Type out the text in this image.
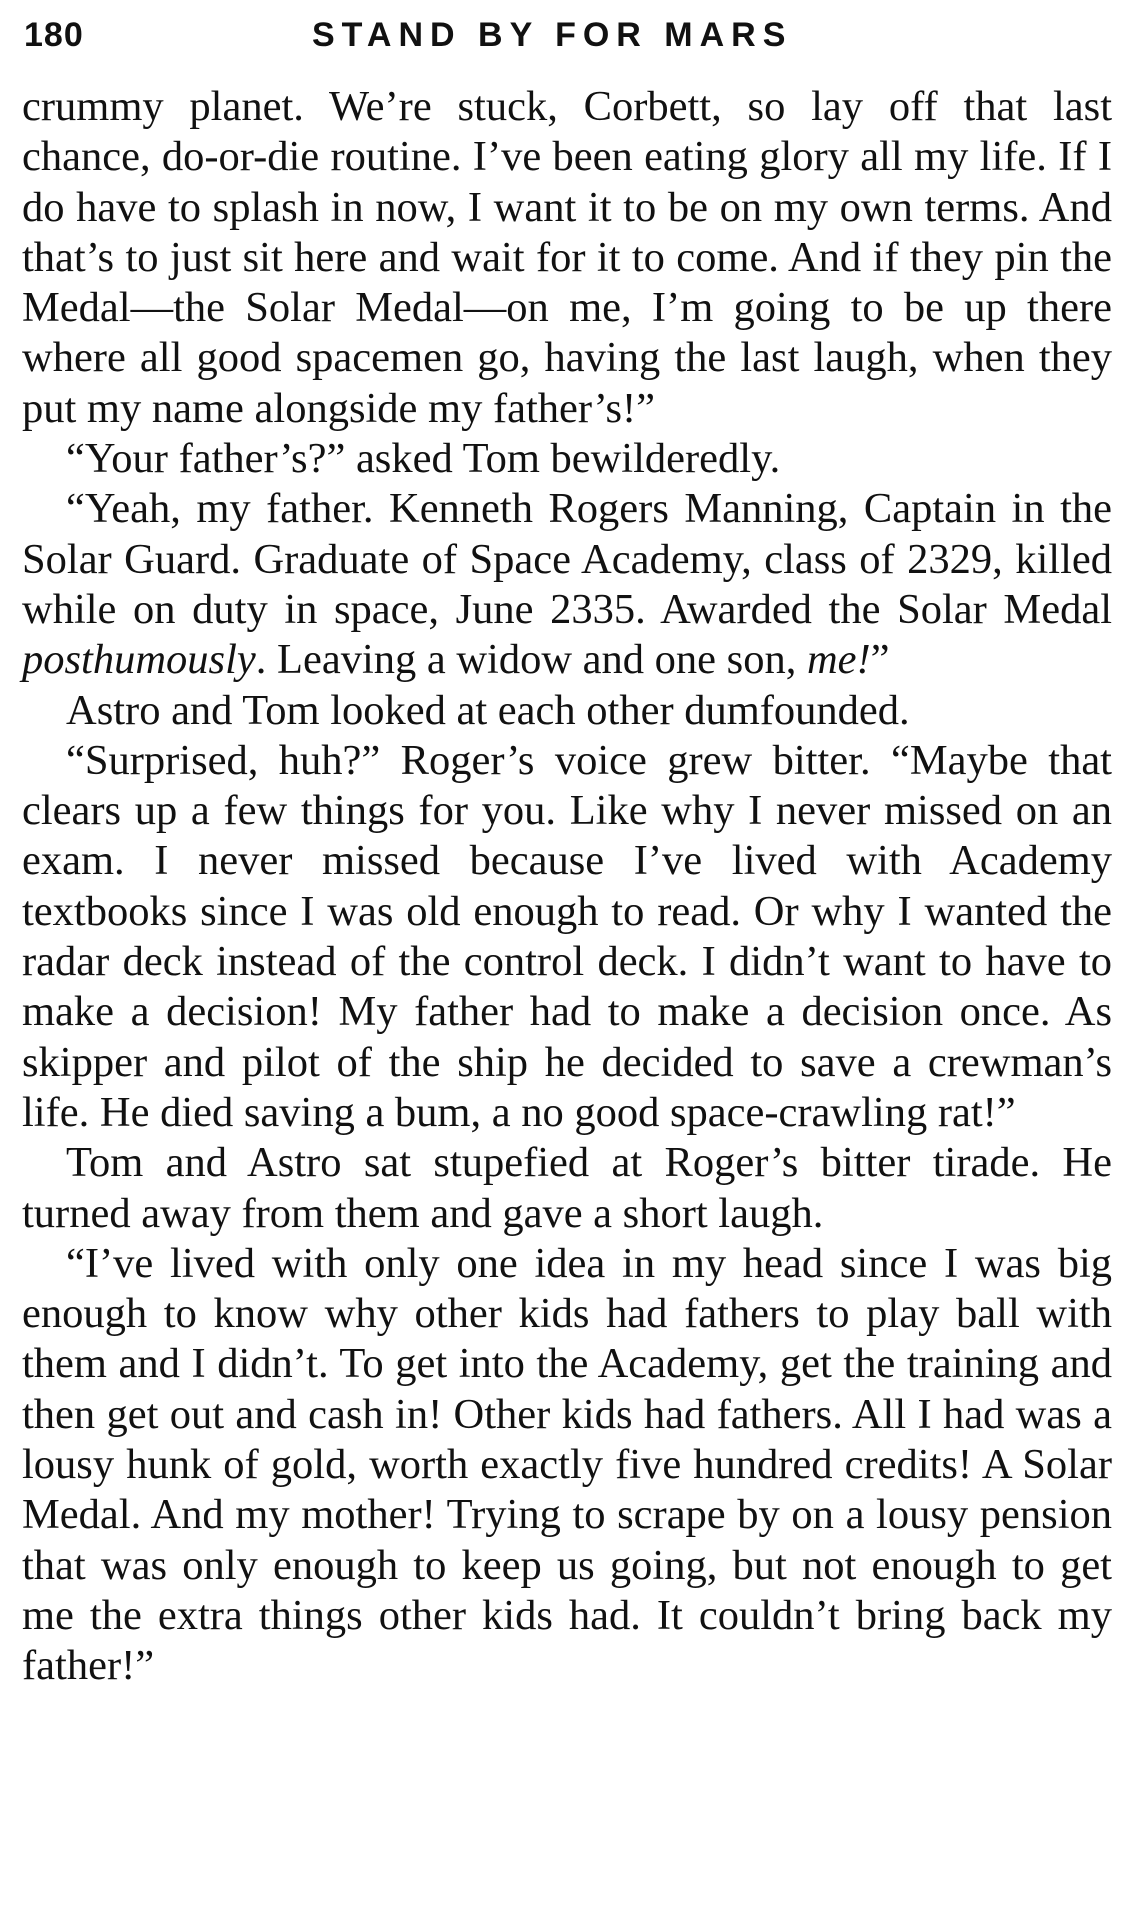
180	STAND BY FOR MARS

crummy planet. We’re stuck, Corbett, so lay off that last chance, do-or-die routine. I’ve been eating glory all my life. If I do have to splash in now, I want it to be on my own terms. And that’s to just sit here and wait for it to come. And if they pin the Medal—the Solar Medal—on me, I’m going to be up there where all good spacemen go, having the last laugh, when they put my name alongside my father’s!”

“Your father’s?” asked Tom bewilderedly.

“Yeah, my father. Kenneth Rogers Manning, Captain in the Solar Guard. Graduate of Space Academy, class of 2329, killed while on duty in space, June 2335. Awarded the Solar Medal posthumously. Leaving a widow and one son, me!”

Astro and Tom looked at each other dumfounded.

“Surprised, huh?” Roger’s voice grew bitter. “Maybe that clears up a few things for you. Like why I never missed on an exam. I never missed because I’ve lived with Academy textbooks since I was old enough to read. Or why I wanted the radar deck instead of the control deck. I didn’t want to have to make a decision! My father had to make a decision once. As skipper and pilot of the ship he decided to save a crewman’s life. He died saving a bum, a no good space-crawling rat!”

Tom and Astro sat stupefied at Roger’s bitter tirade. He turned away from them and gave a short laugh.

“I’ve lived with only one idea in my head since I was big enough to know why other kids had fathers to play ball with them and I didn’t. To get into the Academy, get the training and then get out and cash in! Other kids had fathers. All I had was a lousy hunk of gold, worth exactly five hundred credits! A Solar Medal. And my mother! Trying to scrape by on a lousy pension that was only enough to keep us going, but not enough to get me the extra things other kids had. It couldn’t bring back my father!”
